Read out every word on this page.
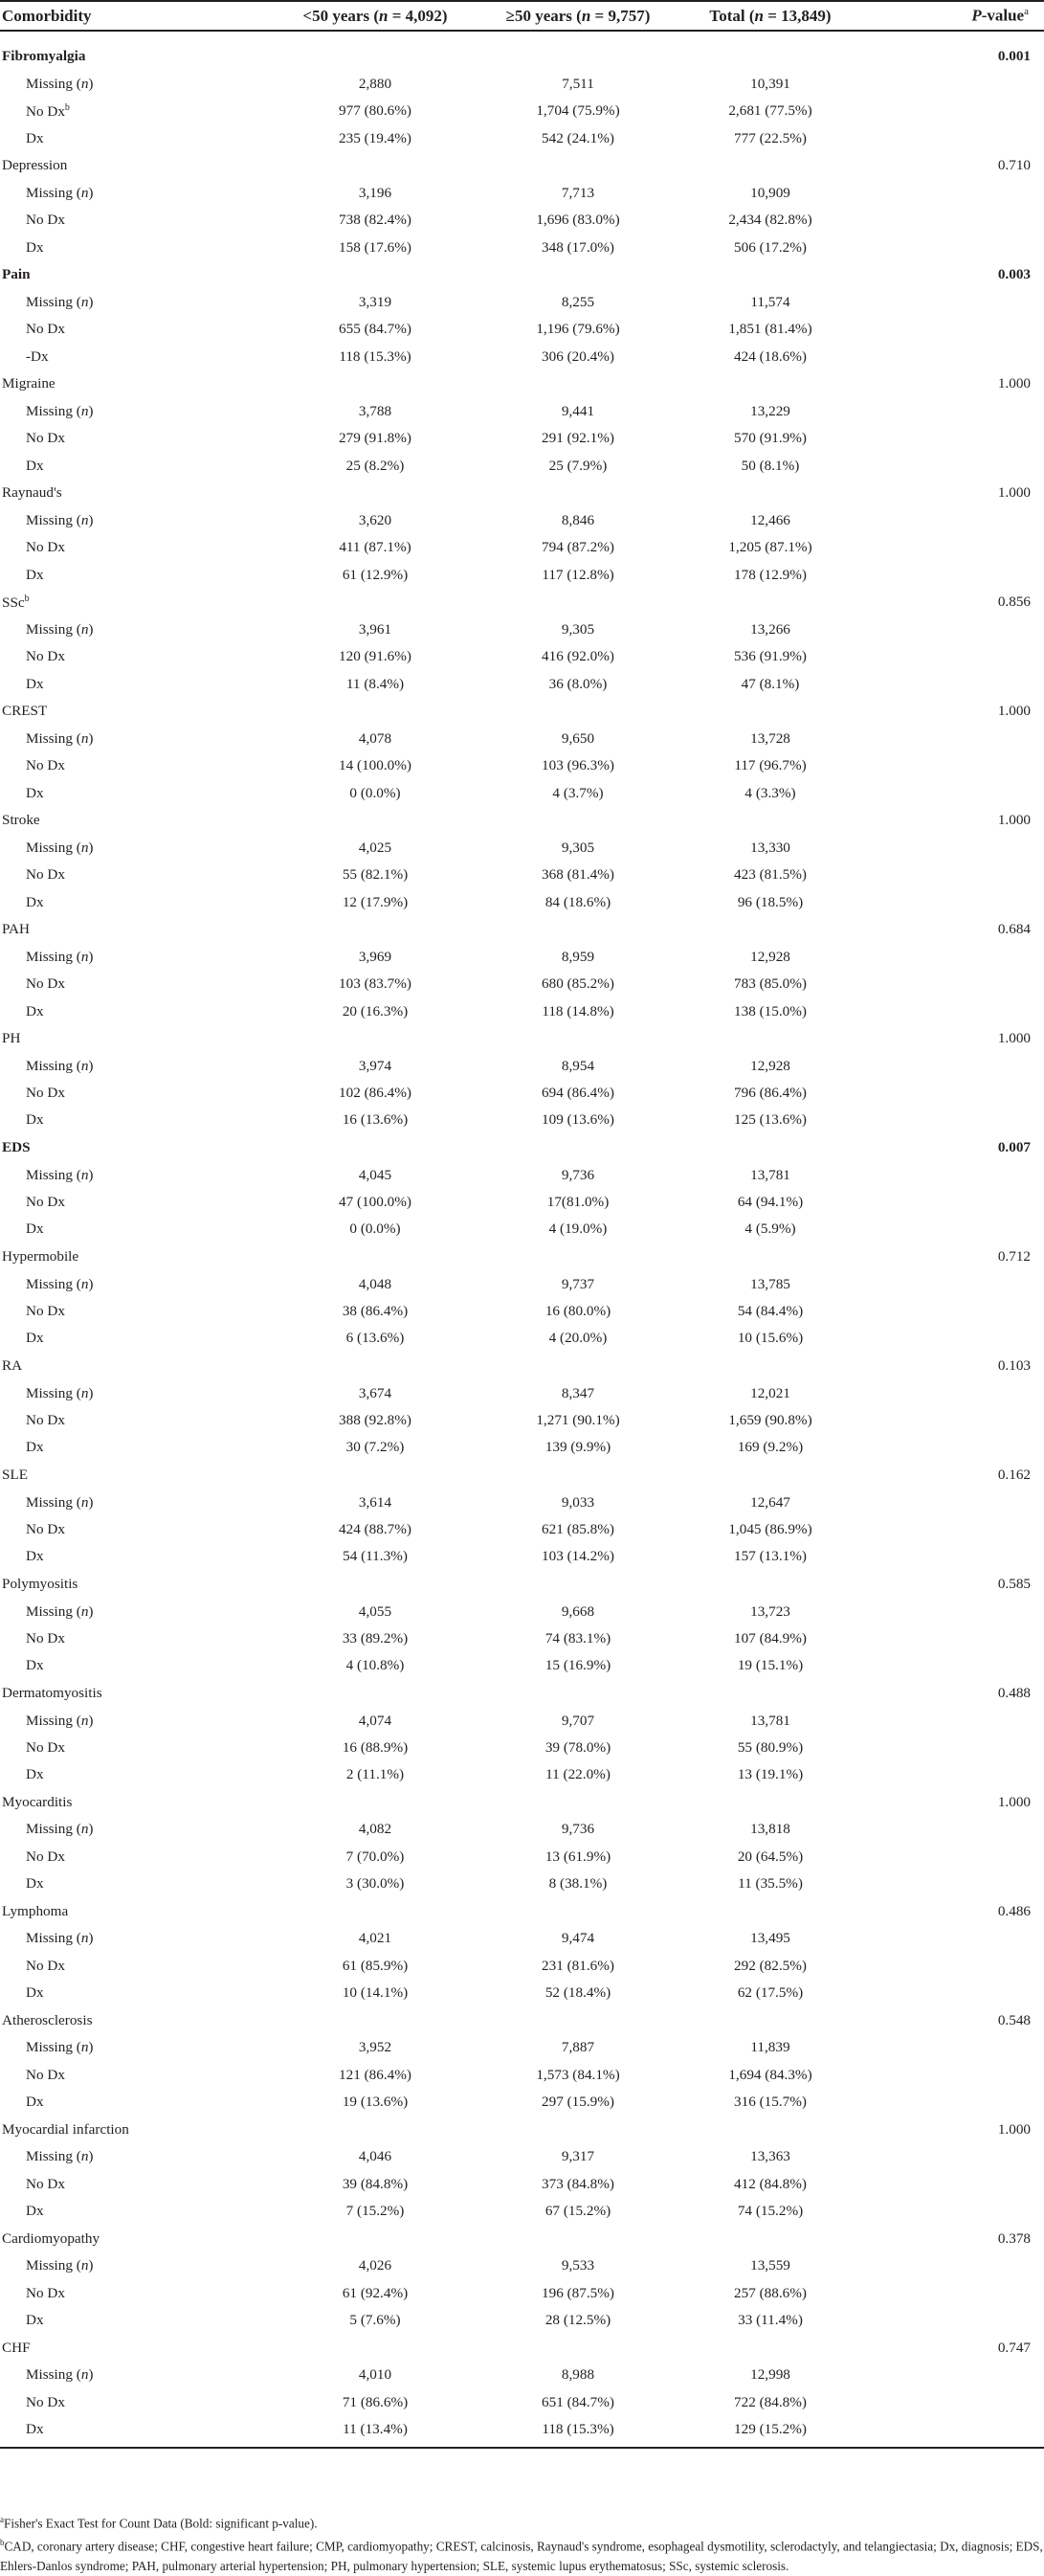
Comorbidity	<50 years (n = 4,092)	≥50 years (n = 9,757)	Total (n = 13,849)	P-value$^a$

Fibromyalgia				0.001
Missing (n)	2,880	7,511	10,391	
No Dx$^b$	977 (80.6%)	1,704 (75.9%)	2,681 (77.5%)	
Dx	235 (19.4%)	542 (24.1%)	777 (22.5%)	
Depression				0.710
Missing (n)	3,196	7,713	10,909	
No Dx	738 (82.4%)	1,696 (83.0%)	2,434 (82.8%)	
Dx	158 (17.6%)	348 (17.0%)	506 (17.2%)	
Pain				0.003
Missing (n)	3,319	8,255	11,574	
No Dx	655 (84.7%)	1,196 (79.6%)	1,851 (81.4%)	
-Dx	118 (15.3%)	306 (20.4%)	424 (18.6%)	
Migraine				1.000
Missing (n)	3,788	9,441	13,229	
No Dx	279 (91.8%)	291 (92.1%)	570 (91.9%)	
Dx	25 (8.2%)	25 (7.9%)	50 (8.1%)	
Raynaud's				1.000
Missing (n)	3,620	8,846	12,466	
No Dx	411 (87.1%)	794 (87.2%)	1,205 (87.1%)	
Dx	61 (12.9%)	117 (12.8%)	178 (12.9%)	
SSc$^b$				0.856
Missing (n)	3,961	9,305	13,266	
No Dx	120 (91.6%)	416 (92.0%)	536 (91.9%)	
Dx	11 (8.4%)	36 (8.0%)	47 (8.1%)	
CREST				1.000
Missing (n)	4,078	9,650	13,728	
No Dx	14 (100.0%)	103 (96.3%)	117 (96.7%)	
Dx	0 (0.0%)	4 (3.7%)	4 (3.3%)	
Stroke				1.000
Missing (n)	4,025	9,305	13,330	
No Dx	55 (82.1%)	368 (81.4%)	423 (81.5%)	
Dx	12 (17.9%)	84 (18.6%)	96 (18.5%)	
PAH				0.684
Missing (n)	3,969	8,959	12,928	
No Dx	103 (83.7%)	680 (85.2%)	783 (85.0%)	
Dx	20 (16.3%)	118 (14.8%)	138 (15.0%)	
PH				1.000
Missing (n)	3,974	8,954	12,928	
No Dx	102 (86.4%)	694 (86.4%)	796 (86.4%)	
Dx	16 (13.6%)	109 (13.6%)	125 (13.6%)	
EDS				0.007
Missing (n)	4,045	9,736	13,781	
No Dx	47 (100.0%)	17(81.0%)	64 (94.1%)	
Dx	0 (0.0%)	4 (19.0%)	4 (5.9%)	
Hypermobile				0.712
Missing (n)	4,048	9,737	13,785	
No Dx	38 (86.4%)	16 (80.0%)	54 (84.4%)	
Dx	6 (13.6%)	4 (20.0%)	10 (15.6%)	
RA				0.103
Missing (n)	3,674	8,347	12,021	
No Dx	388 (92.8%)	1,271 (90.1%)	1,659 (90.8%)	
Dx	30 (7.2%)	139 (9.9%)	169 (9.2%)	
SLE				0.162
Missing (n)	3,614	9,033	12,647	
No Dx	424 (88.7%)	621 (85.8%)	1,045 (86.9%)	
Dx	54 (11.3%)	103 (14.2%)	157 (13.1%)	
Polymyositis				0.585
Missing (n)	4,055	9,668	13,723	
No Dx	33 (89.2%)	74 (83.1%)	107 (84.9%)	
Dx	4 (10.8%)	15 (16.9%)	19 (15.1%)	
Dermatomyositis				0.488
Missing (n)	4,074	9,707	13,781	
No Dx	16 (88.9%)	39 (78.0%)	55 (80.9%)	
Dx	2 (11.1%)	11 (22.0%)	13 (19.1%)	
Myocarditis				1.000
Missing (n)	4,082	9,736	13,818	
No Dx	7 (70.0%)	13 (61.9%)	20 (64.5%)	
Dx	3 (30.0%)	8 (38.1%)	11 (35.5%)	
Lymphoma				0.486
Missing (n)	4,021	9,474	13,495	
No Dx	61 (85.9%)	231 (81.6%)	292 (82.5%)	
Dx	10 (14.1%)	52 (18.4%)	62 (17.5%)	
Atherosclerosis				0.548
Missing (n)	3,952	7,887	11,839	
No Dx	121 (86.4%)	1,573 (84.1%)	1,694 (84.3%)	
Dx	19 (13.6%)	297 (15.9%)	316 (15.7%)	
Myocardial infarction				1.000
Missing (n)	4,046	9,317	13,363	
No Dx	39 (84.8%)	373 (84.8%)	412 (84.8%)	
Dx	7 (15.2%)	67 (15.2%)	74 (15.2%)	
Cardiomyopathy				0.378
Missing (n)	4,026	9,533	13,559	
No Dx	61 (92.4%)	196 (87.5%)	257 (88.6%)	
Dx	5 (7.6%)	28 (12.5%)	33 (11.4%)	
CHF				0.747
Missing (n)	4,010	8,988	12,998	
No Dx	71 (86.6%)	651 (84.7%)	722 (84.8%)	
Dx	11 (13.4%)	118 (15.3%)	129 (15.2%)	

$^a$Fisher's Exact Test for Count Data (Bold: significant p-value).

$^b$CAD, coronary artery disease; CHF, congestive heart failure; CMP, cardiomyopathy; CREST, calcinosis, Raynaud's syndrome, esophageal dysmotility, sclerodactyly, and telangiectasia; Dx, diagnosis; EDS, Ehlers-Danlos syndrome; PAH, pulmonary arterial hypertension; PH, pulmonary hypertension; SLE, systemic lupus erythematosus; SSc, systemic sclerosis.
